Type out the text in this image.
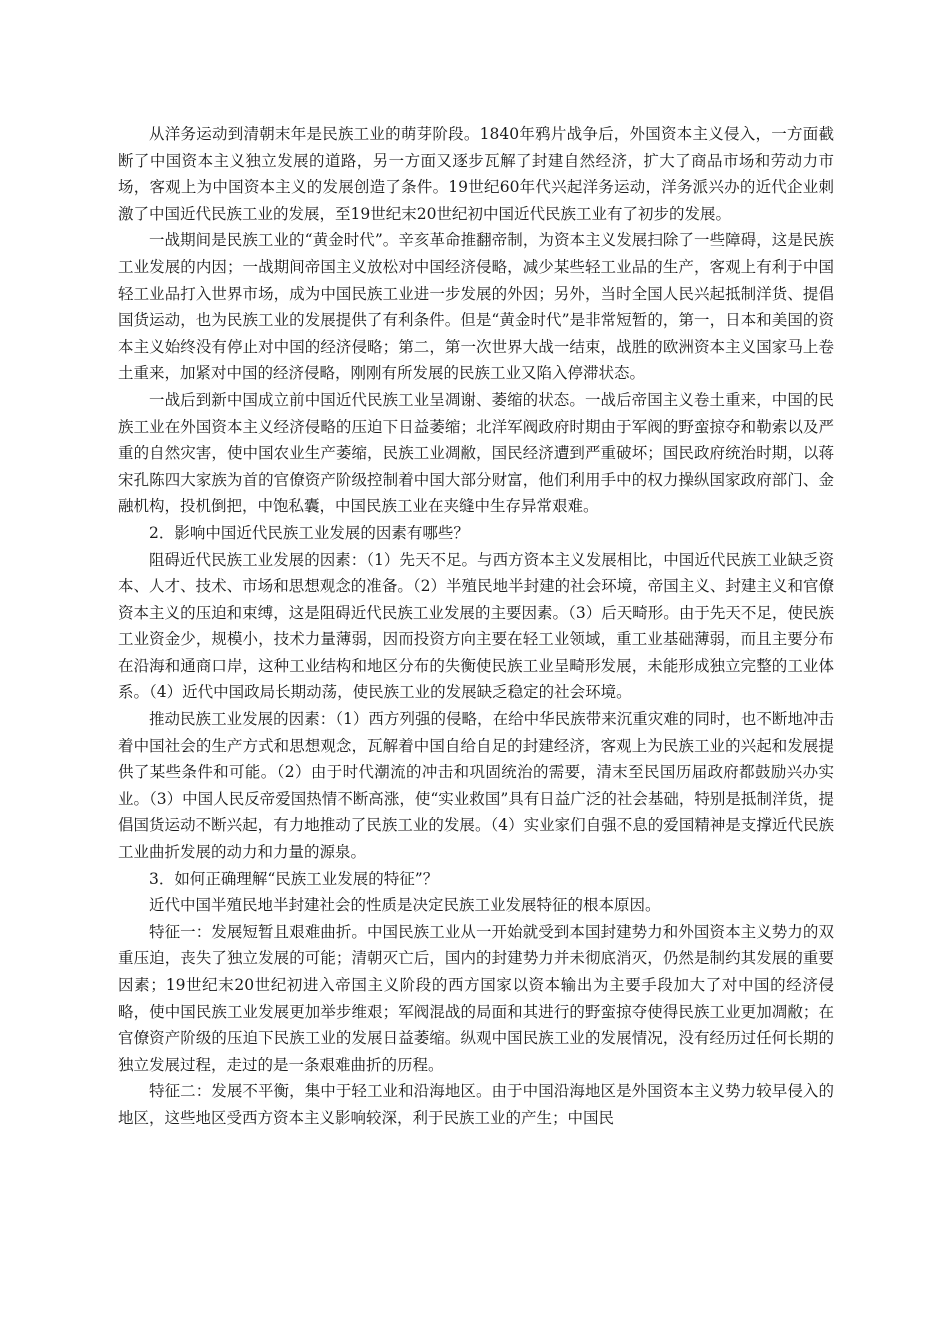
从洋务运动到清朝末年是民族工业的萌芽阶段。1840年鸦片战争后，外国资本主义侵入，一方面截断了中国资本主义独立发展的道路，另一方面又逐步瓦解了封建自然经济，扩大了商品市场和劳动力市场，客观上为中国资本主义的发展创造了条件。19世纪60年代兴起洋务运动，洋务派兴办的近代企业刺激了中国近代民族工业的发展，至19世纪末20世纪初中国近代民族工业有了初步的发展。

一战期间是民族工业的“黄金时代”。辛亥革命推翻帝制，为资本主义发展扫除了一些障碍，这是民族工业发展的内因；一战期间帝国主义放松对中国经济侵略，减少某些轻工业品的生产，客观上有利于中国轻工业品打入世界市场，成为中国民族工业进一步发展的外因；另外，当时全国人民兴起抵制洋货、提倡国货运动，也为民族工业的发展提供了有利条件。但是“黄金时代”是非常短暂的，第一，日本和美国的资本主义始终没有停止对中国的经济侵略；第二，第一次世界大战一结束，战胜的欧洲资本主义国家马上卷土重来，加紧对中国的经济侵略，刚刚有所发展的民族工业又陷入停滞状态。

一战后到新中国成立前中国近代民族工业呈凋谢、萎缩的状态。一战后帝国主义卷土重来，中国的民族工业在外国资本主义经济侵略的压迫下日益萎缩；北洋军阀政府时期由于军阀的野蛮掠夺和勒索以及严重的自然灾害，使中国农业生产萎缩，民族工业凋敝，国民经济遭到严重破坏；国民政府统治时期，以蒋宋孔陈四大家族为首的官僚资产阶级控制着中国大部分财富，他们利用手中的权力操纵国家政府部门、金融机构，投机倒把，中饱私囊，中国民族工业在夹缝中生存异常艰难。

2．影响中国近代民族工业发展的因素有哪些？

阻碍近代民族工业发展的因素：（1）先天不足。与西方资本主义发展相比，中国近代民族工业缺乏资本、人才、技术、市场和思想观念的准备。（2）半殖民地半封建的社会环境，帝国主义、封建主义和官僚资本主义的压迫和束缚，这是阻碍近代民族工业发展的主要因素。（3）后天畸形。由于先天不足，使民族工业资金少，规模小，技术力量薄弱，因而投资方向主要在轻工业领域，重工业基础薄弱，而且主要分布在沿海和通商口岸，这种工业结构和地区分布的失衡使民族工业呈畸形发展，未能形成独立完整的工业体系。（4）近代中国政局长期动荡，使民族工业的发展缺乏稳定的社会环境。

推动民族工业发展的因素：（1）西方列强的侵略，在给中华民族带来沉重灾难的同时，也不断地冲击着中国社会的生产方式和思想观念，瓦解着中国自给自足的封建经济，客观上为民族工业的兴起和发展提供了某些条件和可能。（2）由于时代潮流的冲击和巩固统治的需要，清末至民国历届政府都鼓励兴办实业。（3）中国人民反帝爱国热情不断高涨，使“实业救国”具有日益广泛的社会基础，特别是抵制洋货，提倡国货运动不断兴起，有力地推动了民族工业的发展。（4）实业家们自强不息的爱国精神是支撑近代民族工业曲折发展的动力和力量的源泉。

3．如何正确理解“民族工业发展的特征”？

近代中国半殖民地半封建社会的性质是决定民族工业发展特征的根本原因。

特征一：发展短暂且艰难曲折。中国民族工业从一开始就受到本国封建势力和外国资本主义势力的双重压迫，丧失了独立发展的可能；清朝灭亡后，国内的封建势力并未彻底消灭，仍然是制约其发展的重要因素；19世纪末20世纪初进入帝国主义阶段的西方国家以资本输出为主要手段加大了对中国的经济侵略，使中国民族工业发展更加举步维艰；军阀混战的局面和其进行的野蛮掠夺使得民族工业更加凋敝；在官僚资产阶级的压迫下民族工业的发展日益萎缩。纵观中国民族工业的发展情况，没有经历过任何长期的独立发展过程，走过的是一条艰难曲折的历程。

特征二：发展不平衡，集中于轻工业和沿海地区。由于中国沿海地区是外国资本主义势力较早侵入的地区，这些地区受西方资本主义影响较深，利于民族工业的产生；中国民
